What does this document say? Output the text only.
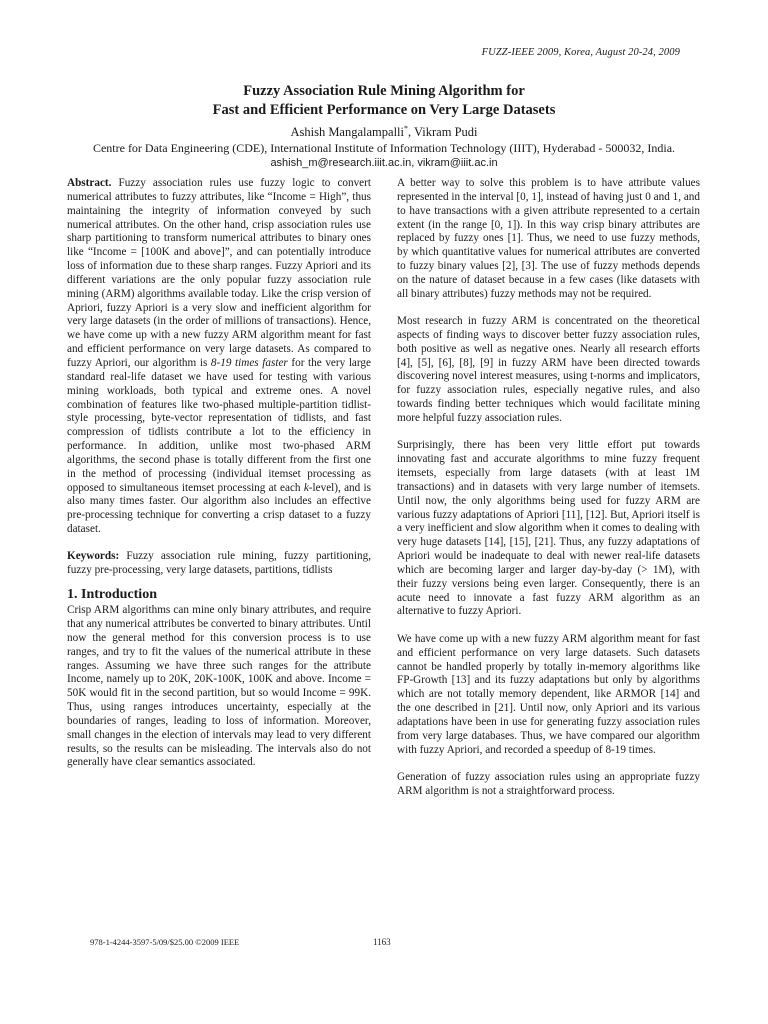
FUZZ-IEEE 2009, Korea, August 20-24, 2009
Fuzzy Association Rule Mining Algorithm for
Fast and Efficient Performance on Very Large Datasets
Ashish Mangalampalli*, Vikram Pudi
Centre for Data Engineering (CDE), International Institute of Information Technology (IIIT), Hyderabad - 500032, India.
ashish_m@research.iiit.ac.in, vikram@iiit.ac.in

Abstract. Fuzzy association rules use fuzzy logic to convert numerical attributes to fuzzy attributes, like “Income = High”, thus maintaining the integrity of information conveyed by such numerical attributes. On the other hand, crisp association rules use sharp partitioning to transform numerical attributes to binary ones like “Income = [100K and above]”, and can potentially introduce loss of information due to these sharp ranges. Fuzzy Apriori and its different variations are the only popular fuzzy association rule mining (ARM) algorithms available today. Like the crisp version of Apriori, fuzzy Apriori is a very slow and inefficient algorithm for very large datasets (in the order of millions of transactions). Hence, we have come up with a new fuzzy ARM algorithm meant for fast and efficient performance on very large datasets. As compared to fuzzy Apriori, our algorithm is 8-19 times faster for the very large standard real-life dataset we have used for testing with various mining workloads, both typical and extreme ones. A novel combination of features like two-phased multiple-partition tidlist-style processing, byte-vector representation of tidlists, and fast compression of tidlists contribute a lot to the efficiency in performance. In addition, unlike most two-phased ARM algorithms, the second phase is totally different from the first one in the method of processing (individual itemset processing as opposed to simultaneous itemset processing at each k-level), and is also many times faster. Our algorithm also includes an effective pre-processing technique for converting a crisp dataset to a fuzzy dataset.

Keywords: Fuzzy association rule mining, fuzzy partitioning, fuzzy pre-processing, very large datasets, partitions, tidlists

1. Introduction

Crisp ARM algorithms can mine only binary attributes, and require that any numerical attributes be converted to binary attributes. Until now the general method for this conversion process is to use ranges, and try to fit the values of the numerical attribute in these ranges. Assuming we have three such ranges for the attribute Income, namely up to 20K, 20K-100K, 100K and above. Income = 50K would fit in the second partition, but so would Income = 99K. Thus, using ranges introduces uncertainty, especially at the boundaries of ranges, leading to loss of information. Moreover, small changes in the election of intervals may lead to very different results, so the results can be misleading. The intervals also do not generally have clear semantics associated.

A better way to solve this problem is to have attribute values represented in the interval [0, 1], instead of having just 0 and 1, and to have transactions with a given attribute represented to a certain extent (in the range [0, 1]). In this way crisp binary attributes are replaced by fuzzy ones [1]. Thus, we need to use fuzzy methods, by which quantitative values for numerical attributes are converted to fuzzy binary values [2], [3]. The use of fuzzy methods depends on the nature of dataset because in a few cases (like datasets with all binary attributes) fuzzy methods may not be required.

Most research in fuzzy ARM is concentrated on the theoretical aspects of finding ways to discover better fuzzy association rules, both positive as well as negative ones. Nearly all research efforts [4], [5], [6], [8], [9] in fuzzy ARM have been directed towards discovering novel interest measures, using t-norms and implicators, for fuzzy association rules, especially negative rules, and also towards finding better techniques which would facilitate mining more helpful fuzzy association rules.

Surprisingly, there has been very little effort put towards innovating fast and accurate algorithms to mine fuzzy frequent itemsets, especially from large datasets (with at least 1M transactions) and in datasets with very large number of itemsets. Until now, the only algorithms being used for fuzzy ARM are various fuzzy adaptations of Apriori [11], [12]. But, Apriori itself is a very inefficient and slow algorithm when it comes to dealing with very huge datasets [14], [15], [21]. Thus, any fuzzy adaptations of Apriori would be inadequate to deal with newer real-life datasets which are becoming larger and larger day-by-day (> 1M), with their fuzzy versions being even larger. Consequently, there is an acute need to innovate a fast fuzzy ARM algorithm as an alternative to fuzzy Apriori.

We have come up with a new fuzzy ARM algorithm meant for fast and efficient performance on very large datasets. Such datasets cannot be handled properly by totally in-memory algorithms like FP-Growth [13] and its fuzzy adaptations but only by algorithms which are not totally memory dependent, like ARMOR [14] and the one described in [21]. Until now, only Apriori and its various adaptations have been in use for generating fuzzy association rules from very large databases. Thus, we have compared our algorithm with fuzzy Apriori, and recorded a speedup of 8-19 times.

Generation of fuzzy association rules using an appropriate fuzzy ARM algorithm is not a straightforward process.

978-1-4244-3597-5/09/$25.00 ©2009 IEEE	1163
